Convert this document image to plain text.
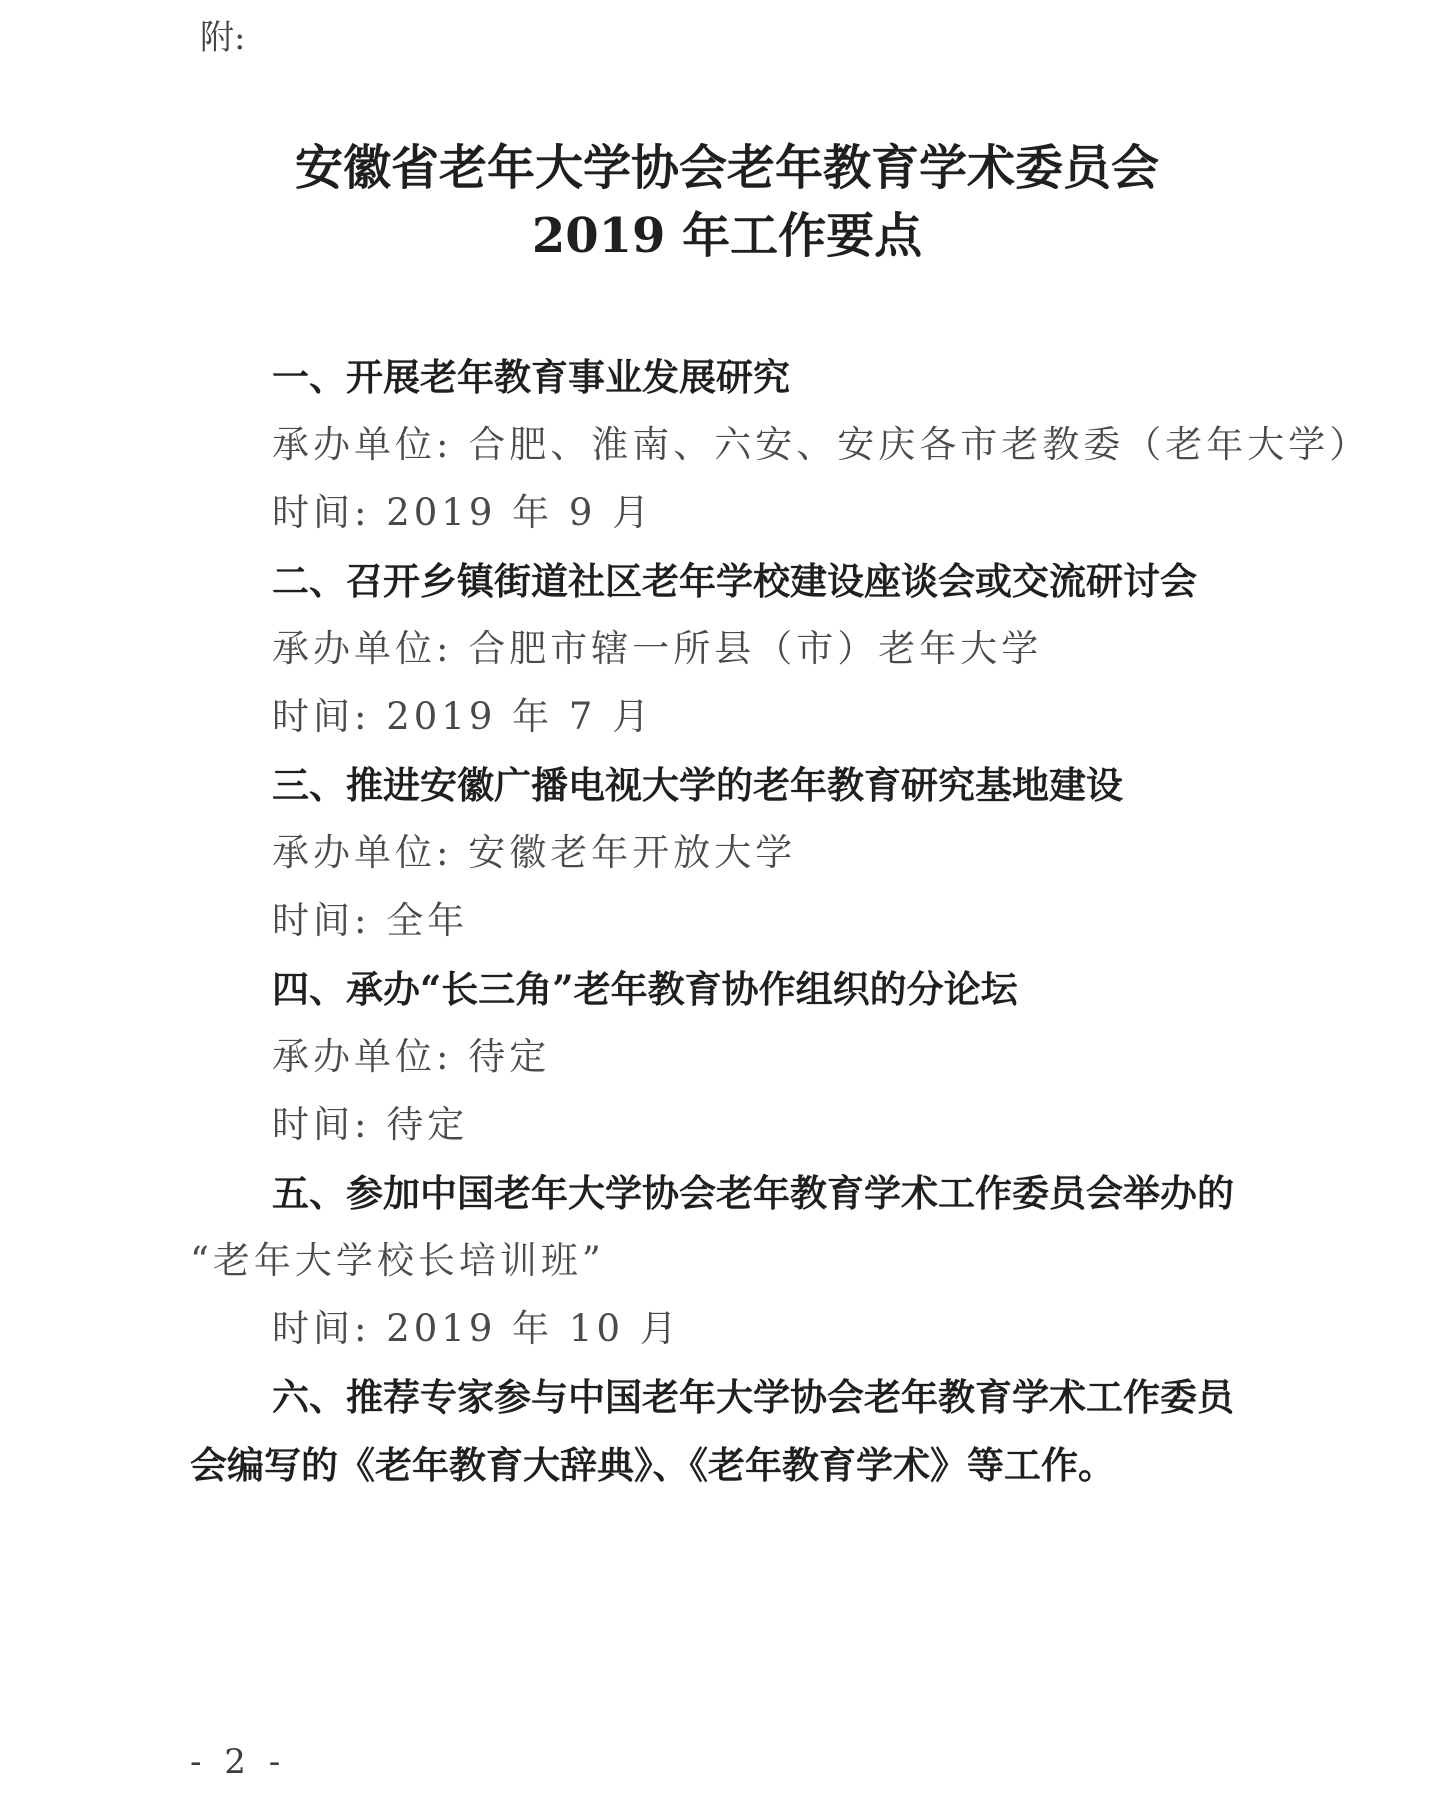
附:
安徽省老年大学协会老年教育学术委员会
2019 年工作要点
一、开展老年教育事业发展研究
承办单位: 合肥、淮南、六安、安庆各市老教委（老年大学）
时间: 2019 年 9 月
二、召开乡镇街道社区老年学校建设座谈会或交流研讨会
承办单位: 合肥市辖一所县（市）老年大学
时间: 2019 年 7 月
三、推进安徽广播电视大学的老年教育研究基地建设
承办单位: 安徽老年开放大学
时间: 全年
四、承办“长三角”老年教育协作组织的分论坛
承办单位: 待定
时间: 待定
五、参加中国老年大学协会老年教育学术工作委员会举办的
“老年大学校长培训班”
时间: 2019 年 10 月
六、推荐专家参与中国老年大学协会老年教育学术工作委员
会编写的《老年教育大辞典》、《老年教育学术》等工作。
- 2 -
